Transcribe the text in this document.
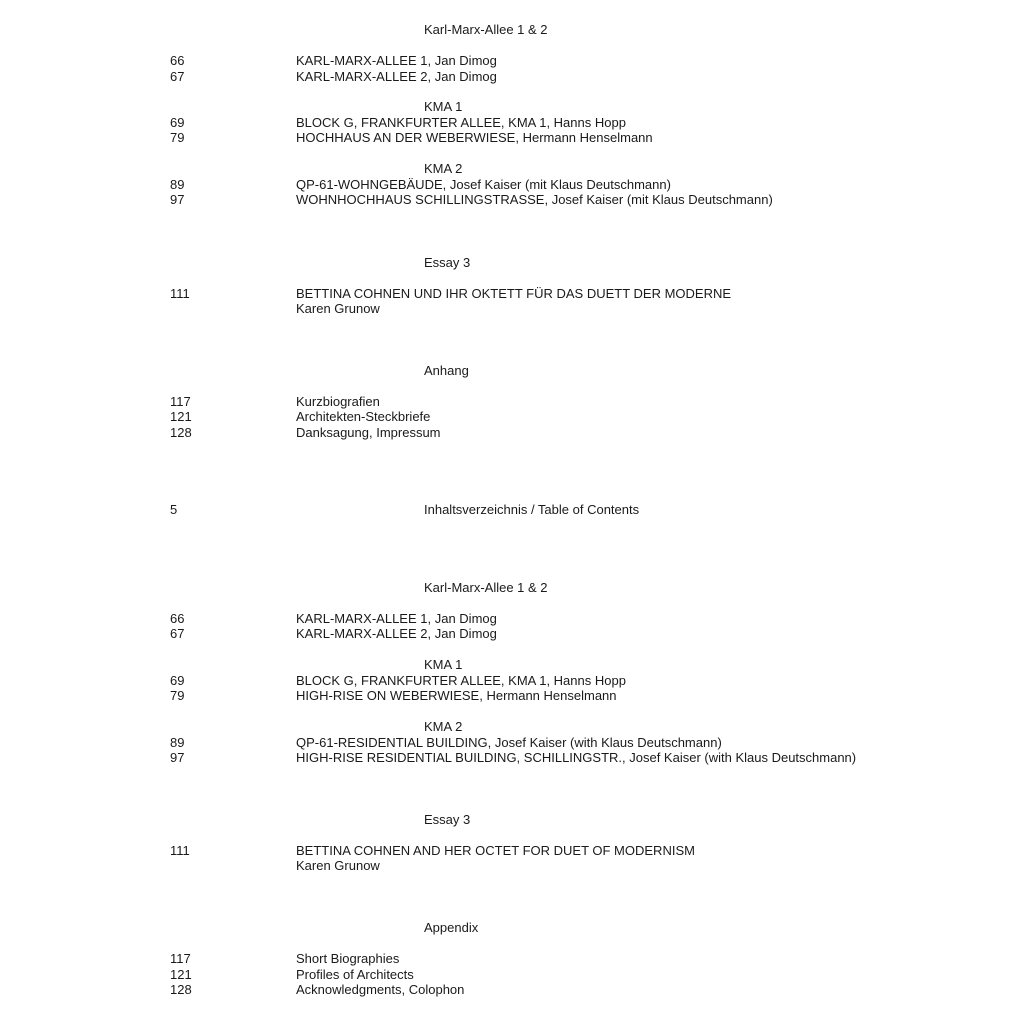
Karl-Marx-Allee 1 & 2
66	KARL-MARX-ALLEE 1, Jan Dimog
67	KARL-MARX-ALLEE 2, Jan Dimog
KMA 1
69	BLOCK G, FRANKFURTER ALLEE, KMA 1, Hanns Hopp
79	HOCHHAUS AN DER WEBERWIESE, Hermann Henselmann
KMA 2
89	QP-61-WOHNGEBÄUDE, Josef Kaiser (mit Klaus Deutschmann)
97	WOHNHOCHHAUS SCHILLINGSTRASSE, Josef Kaiser (mit Klaus Deutschmann)
Essay 3
111	BETTINA COHNEN UND IHR OKTETT FÜR DAS DUETT DER MODERNE
Karen Grunow
Anhang
117	Kurzbiografien
121	Architekten-Steckbriefe
128	Danksagung, Impressum
5	Inhaltsverzeichnis / Table of Contents
Karl-Marx-Allee 1 & 2
66	KARL-MARX-ALLEE 1, Jan Dimog
67	KARL-MARX-ALLEE 2, Jan Dimog
KMA 1
69	BLOCK G, FRANKFURTER ALLEE, KMA 1, Hanns Hopp
79	HIGH-RISE ON WEBERWIESE, Hermann Henselmann
KMA 2
89	QP-61-RESIDENTIAL BUILDING, Josef Kaiser (with Klaus Deutschmann)
97	HIGH-RISE RESIDENTIAL BUILDING, SCHILLINGSTR., Josef Kaiser (with Klaus Deutschmann)
Essay 3
111	BETTINA COHNEN AND HER OCTET FOR DUET OF MODERNISM
Karen Grunow
Appendix
117	Short Biographies
121	Profiles of Architects
128	Acknowledgments, Colophon
